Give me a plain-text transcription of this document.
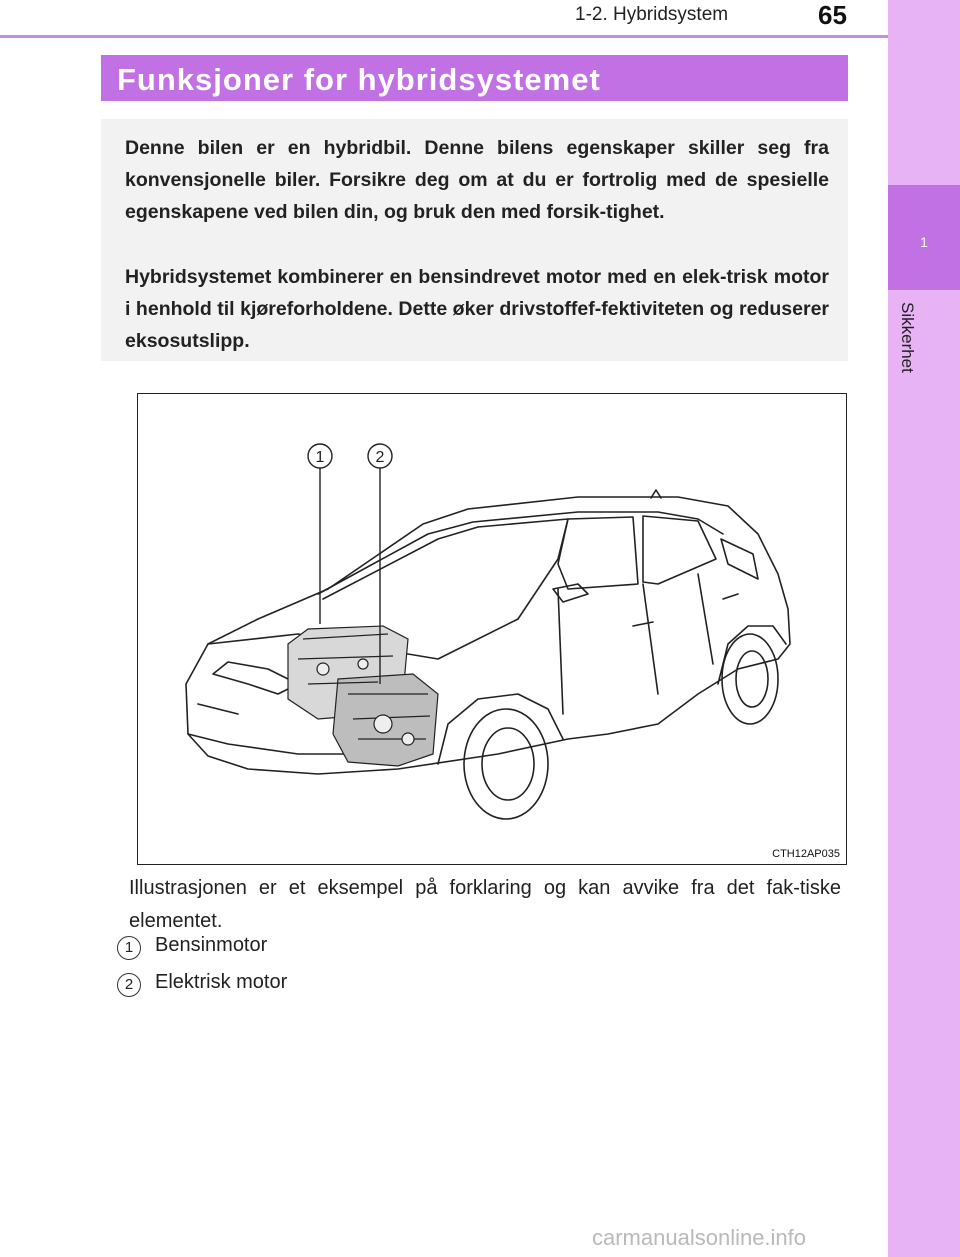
1-2. Hybridsystem	65
1
Sikkerhet
Funksjoner for hybridsystemet

Denne bilen er en hybridbil. Denne bilens egenskaper skiller seg fra konvensjonelle biler. Forsikre deg om at du er fortrolig med de spesielle egenskapene ved bilen din, og bruk den med forsik-tighet.

Hybridsystemet kombinerer en bensindrevet motor med en elek-trisk motor i henhold til kjøreforholdene. Dette øker drivstoffef-fektiviteten og reduserer eksosutslipp.

1	2
CTH12AP035

Illustrasjonen er et eksempel på forklaring og kan avvike fra det fak-tiske elementet.

1	Bensinmotor
2	Elektrisk motor
carmanualsonline.info
